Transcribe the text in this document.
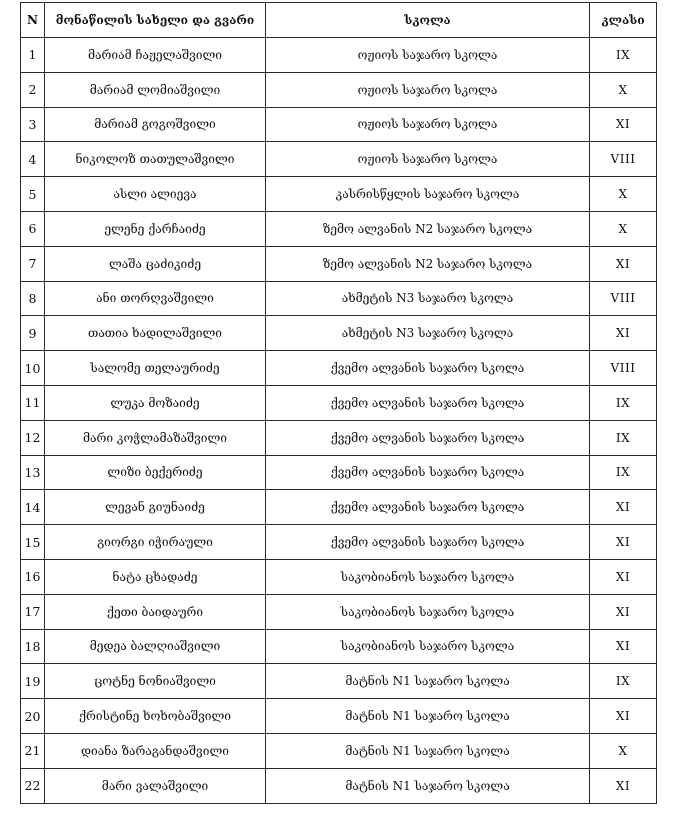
N	მონაწილის სახელი და გვარი	სკოლა	კლასი
1	მარიამ ჩაჟელაშვილი	ოჟიოს საჯარო სკოლა	IX
2	მარიამ ლომიაშვილი	ოჟიოს საჯარო სკოლა	X
3	მარიამ გოგოშვილი	ოჟიოს საჯარო სკოლა	XI
4	ნიკოლოზ თათულაშვილი	ოჟიოს საჯარო სკოლა	VIII
5	ასლი ალიევა	კასრისწყლის საჯარო სკოლა	X
6	ელენე ქარჩაიძე	ზემო ალვანის N2 საჯარო სკოლა	X
7	ლაშა ცაძიკიძე	ზემო ალვანის N2 საჯარო სკოლა	XI
8	ანი თორღვაშვილი	ახმეტის N3 საჯარო სკოლა	VIII
9	თათია ხადილაშვილი	ახმეტის N3 საჯარო სკოლა	XI
10	სალომე თელაურიძე	ქვემო ალვანის საჯარო სკოლა	VIII
11	ლუკა მოზაიძე	ქვემო ალვანის საჯარო სკოლა	IX
12	მარი კოჭლამაზაშვილი	ქვემო ალვანის საჯარო სკოლა	IX
13	ლიზი ბექერიძე	ქვემო ალვანის საჯარო სკოლა	IX
14	ლევან გიუნაიძე	ქვემო ალვანის საჯარო სკოლა	XI
15	გიორგი იჭირაული	ქვემო ალვანის საჯარო სკოლა	XI
16	ნატა ცხადაძე	საკობიანოს საჯარო სკოლა	XI
17	ქეთი ბაიდაური	საკობიანოს საჯარო სკოლა	XI
18	მედეა ბალღიაშვილი	საკობიანოს საჯარო სკოლა	XI
19	ცოტნე ნონიაშვილი	მატნის N1 საჯარო სკოლა	IX
20	ქრისტინე ხოხობაშვილი	მატნის N1 საჯარო სკოლა	XI
21	დიანა ზარაგანდაშვილი	მატნის N1 საჯარო სკოლა	X
22	მარი ვალაშვილი	მატნის N1 საჯარო სკოლა	XI
